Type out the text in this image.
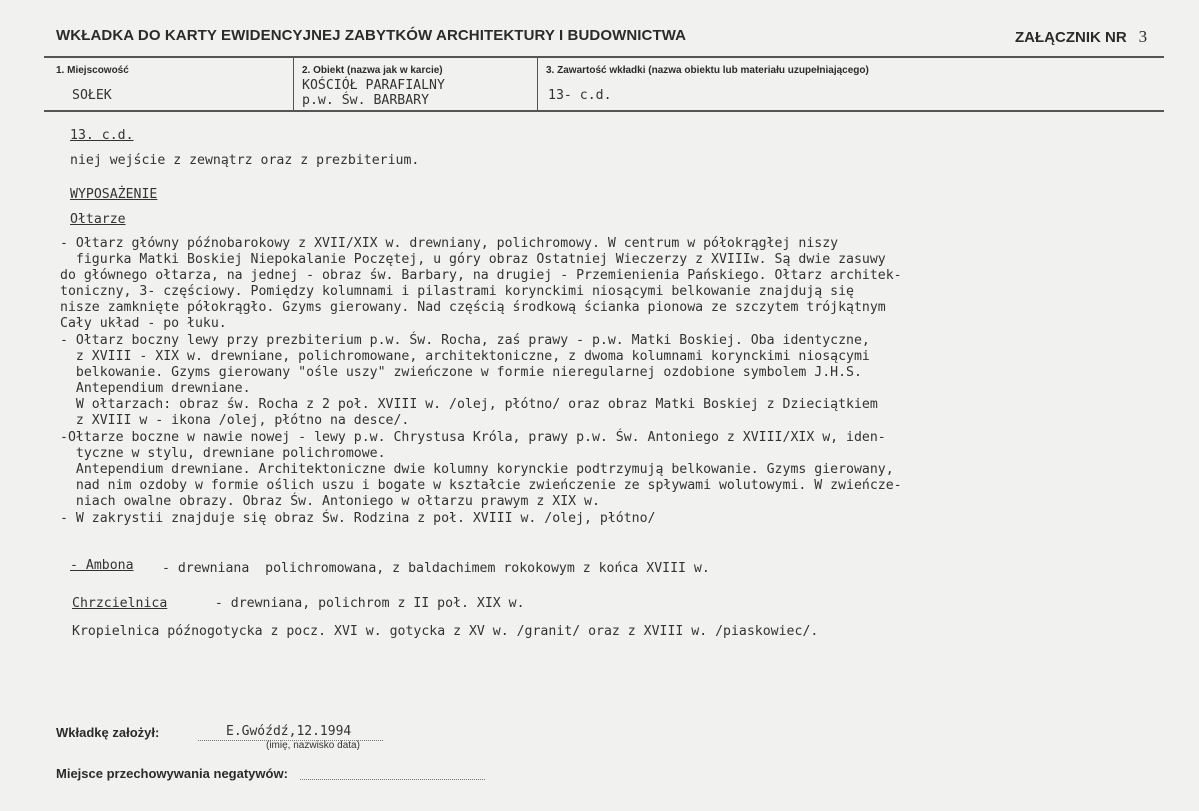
WKŁADKA DO KARTY EWIDENCYJNEJ ZABYTKÓW ARCHITEKTURY I BUDOWNICTWA	ZAŁĄCZNIK NR 3
1. Miejscowość
SOŁEK
2. Obiekt (nazwa jak w karcie)
KOŚCIÓŁ PARAFIALNY
p.w. Św. BARBARY
3. Zawartość wkładki (nazwa obiektu lub materiału uzupełniającego)
13- c.d.
13. c.d.
niej wejście z zewnątrz oraz z prezbiterium.
WYPOSAŻENIE
Ołtarze
- Ołtarz główny późnobarokowy z XVII/XIX w. drewniany, polichromowy. W centrum w półokrągłej niszy
figurka Matki Boskiej Niepokalanie Poczętej, u góry obraz Ostatniej Wieczerzy z XVIIIw. Są dwie zasuwy
do głównego ołtarza, na jednej - obraz św. Barbary, na drugiej - Przemienienia Pańskiego. Ołtarz architek-
toniczny, 3- częściowy. Pomiędzy kolumnami i pilastrami korynckimi niosącymi belkowanie znajdują się
nisze zamknięte półokrągło. Gzyms gierowany. Nad częścią środkową ścianka pionowa ze szczytem trójkątnym
Cały układ - po łuku.
- Ołtarz boczny lewy przy prezbiterium p.w. Św. Rocha, zaś prawy - p.w. Matki Boskiej. Oba identyczne,
z XVIII - XIX w. drewniane, polichromowane, architektoniczne, z dwoma kolumnami korynckimi niosącymi
belkowanie. Gzyms gierowany "ośle uszy" zwieńczone w formie nieregularnej ozdobione symbolem J.H.S.
Antependium drewniane.
W ołtarzach: obraz św. Rocha z 2 poł. XVIII w. /olej, płótno/ oraz obraz Matki Boskiej z Dzieciątkiem
z XVIII w - ikona /olej, płótno na desce/.
-Ołtarze boczne w nawie nowej - lewy p.w. Chrystusa Króla, prawy p.w. Św. Antoniego z XVIII/XIX w, iden-
tyczne w stylu, drewniane polichromowe.
Antependium drewniane. Architektoniczne dwie kolumny korynckie podtrzymują belkowanie. Gzyms gierowany,
nad nim ozdoby w formie oślich uszu i bogate w kształcie zwieńczenie ze spływami wolutowymi. W zwieńcze-
niach owalne obrazy. Obraz Św. Antoniego w ołtarzu prawym z XIX w.
- W zakrystii znajduje się obraz Św. Rodzina z poł. XVIII w. /olej, płótno/
- Ambona - drewniana  polichromowana, z baldachimem rokokowym z końca XVIII w.
Chrzcielnica - drewniana, polichrom z II poł. XIX w.
Kropielnica późnogotycka z pocz. XVI w. gotycka z XV w. /granit/ oraz z XVIII w. /piaskowiec/.
Wkładkę założył:	E.Gwóźdź,12.1994
(imię, nazwisko data)
Miejsce przechowywania negatywów:
